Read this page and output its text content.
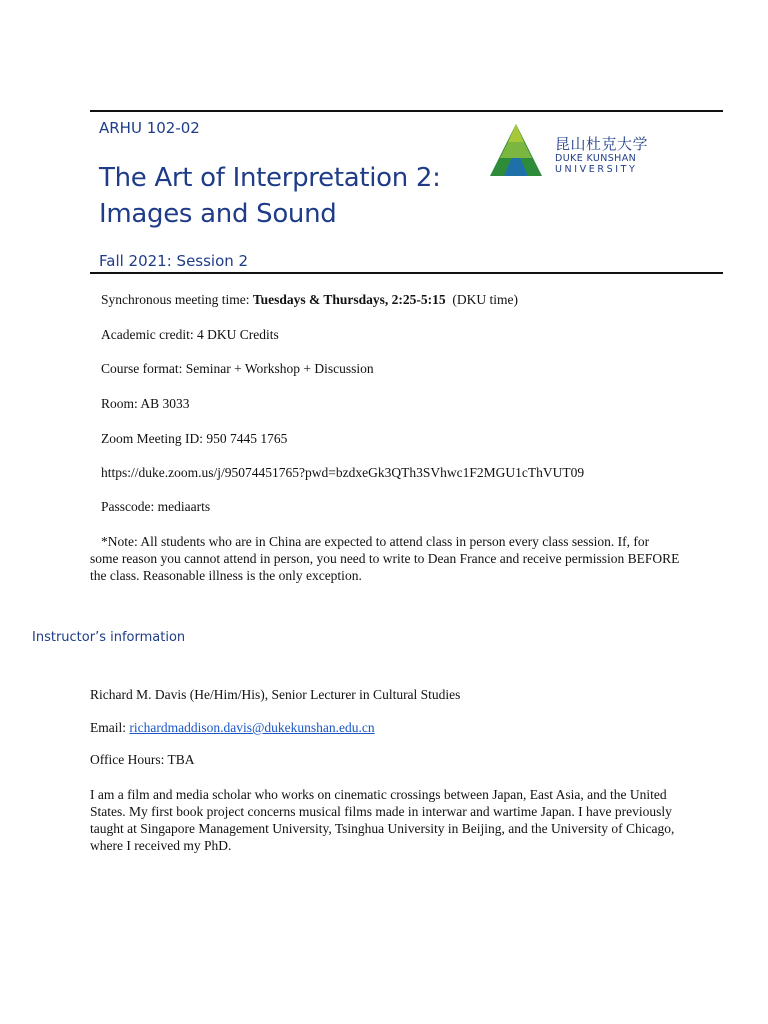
ARHU 102-02
The Art of Interpretation 2:
Images and Sound
Fall 2021: Session 2
昆山杜克大学
DUKE KUNSHAN
UNIVERSITY
Synchronous meeting time: Tuesdays & Thursdays, 2:25-5:15  (DKU time)
Academic credit: 4 DKU Credits
Course format: Seminar + Workshop + Discussion
Room: AB 3033
Zoom Meeting ID: 950 7445 1765
https://duke.zoom.us/j/95074451765?pwd=bzdxeGk3QTh3SVhwc1F2MGU1cThVUT09
Passcode: mediaarts
*Note: All students who are in China are expected to attend class in person every class session. If, for some reason you cannot attend in person, you need to write to Dean France and receive permission BEFORE the class. Reasonable illness is the only exception.
Instructor’s information
Richard M. Davis (He/Him/His), Senior Lecturer in Cultural Studies
Email: richardmaddison.davis@dukekunshan.edu.cn
Office Hours: TBA
I am a film and media scholar who works on cinematic crossings between Japan, East Asia, and the United States. My first book project concerns musical films made in interwar and wartime Japan. I have previously taught at Singapore Management University, Tsinghua University in Beijing, and the University of Chicago, where I received my PhD.
